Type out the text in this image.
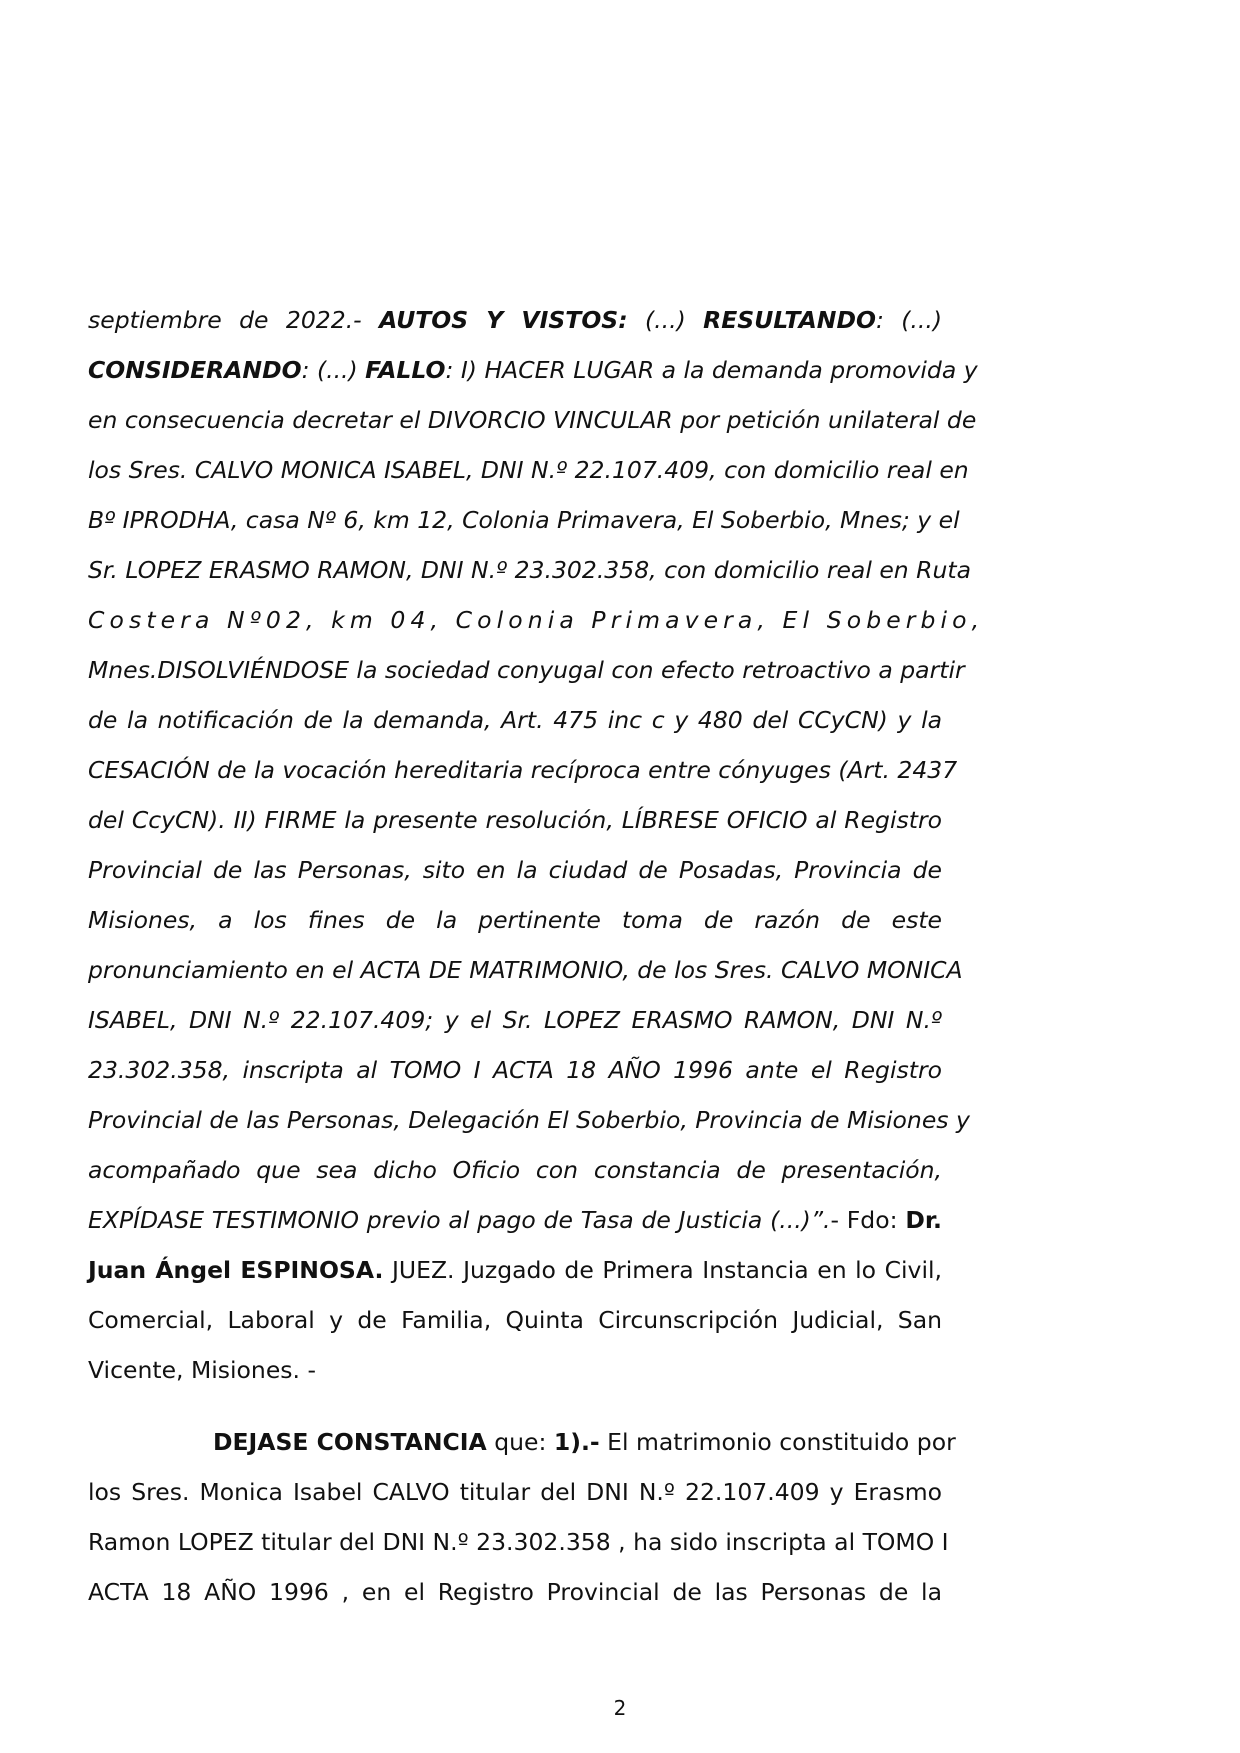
septiembre de 2022.- AUTOS Y VISTOS: (...) RESULTANDO: (...)
CONSIDERANDO: (...) FALLO: I) HACER LUGAR a la demanda promovida y
en consecuencia decretar el DIVORCIO VINCULAR por petición unilateral de
los Sres. CALVO MONICA ISABEL, DNI N.º 22.107.409, con domicilio real en
Bº IPRODHA, casa Nº 6, km 12, Colonia Primavera, El Soberbio, Mnes; y el
Sr. LOPEZ ERASMO RAMON, DNI N.º 23.302.358, con domicilio real en Ruta
Costera Nº02, km 04, Colonia Primavera, El Soberbio,
Mnes.DISOLVIÉNDOSE la sociedad conyugal con efecto retroactivo a partir
de la notificación de la demanda, Art. 475 inc c y 480 del CCyCN) y la
CESACIÓN de la vocación hereditaria recíproca entre cónyuges (Art. 2437
del CcyCN). II) FIRME la presente resolución, LÍBRESE OFICIO al Registro
Provincial de las Personas, sito en la ciudad de Posadas, Provincia de
Misiones, a los fines de la pertinente toma de razón de este
pronunciamiento en el ACTA DE MATRIMONIO, de los Sres. CALVO MONICA
ISABEL, DNI N.º 22.107.409; y el Sr. LOPEZ ERASMO RAMON, DNI N.º
23.302.358, inscripta al TOMO I ACTA 18 AÑO 1996 ante el Registro
Provincial de las Personas, Delegación El Soberbio, Provincia de Misiones y
acompañado que sea dicho Oficio con constancia de presentación,
EXPÍDASE TESTIMONIO previo al pago de Tasa de Justicia (...)”.- Fdo: Dr.
Juan Ángel ESPINOSA. JUEZ. Juzgado de Primera Instancia en lo Civil,
Comercial, Laboral y de Familia, Quinta Circunscripción Judicial, San
Vicente, Misiones. -
DEJASE CONSTANCIA que: 1).- El matrimonio constituido por
los Sres. Monica Isabel CALVO titular del DNI N.º 22.107.409 y Erasmo
Ramon LOPEZ titular del DNI N.º 23.302.358 , ha sido inscripta al TOMO I
ACTA 18 AÑO 1996 , en el Registro Provincial de las Personas de la
2
